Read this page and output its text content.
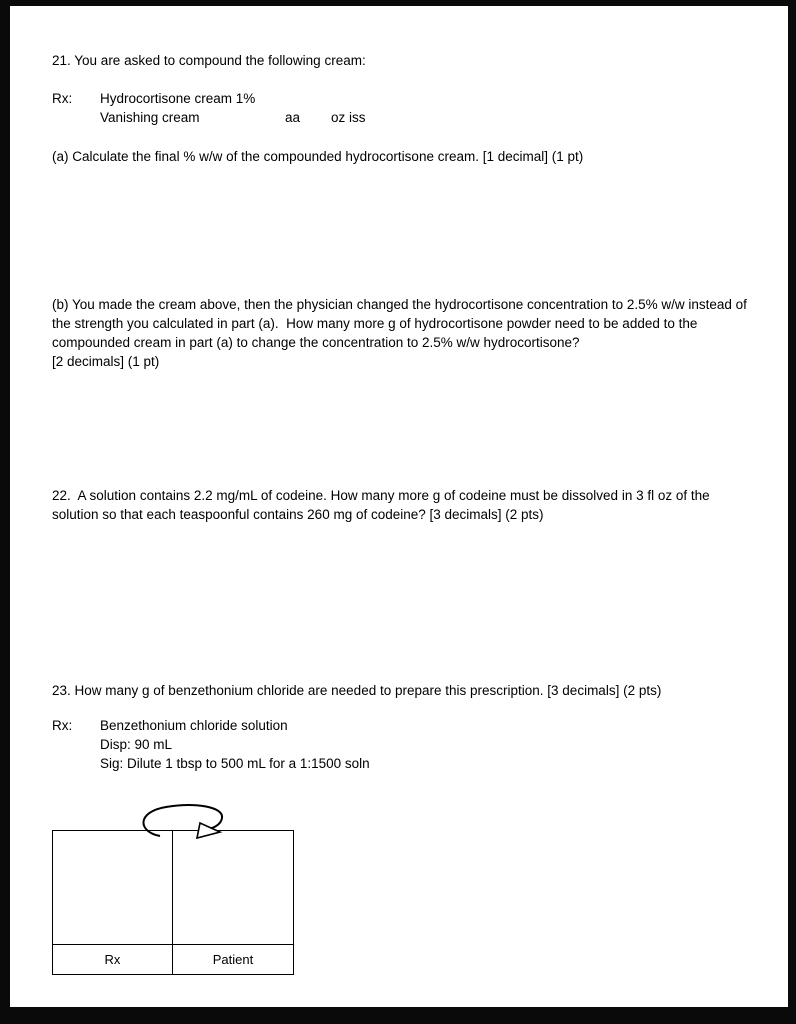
21. You are asked to compound the following cream:
Rx:	Hydrocortisone cream 1%
Vanishing cream	aa oz iss
(a) Calculate the final % w/w of the compounded hydrocortisone cream. [1 decimal] (1 pt)
(b) You made the cream above, then the physician changed the hydrocortisone concentration to 2.5% w/w instead of the strength you calculated in part (a).  How many more g of hydrocortisone powder need to be added to the compounded cream in part (a) to change the concentration to 2.5% w/w hydrocortisone?
[2 decimals] (1 pt)
22.  A solution contains 2.2 mg/mL of codeine. How many more g of codeine must be dissolved in 3 fl oz of the solution so that each teaspoonful contains 260 mg of codeine? [3 decimals] (2 pts)
23. How many g of benzethonium chloride are needed to prepare this prescription. [3 decimals] (2 pts)
Rx:	Benzethonium chloride solution
Disp: 90 mL
Sig: Dilute 1 tbsp to 500 mL for a 1:1500 soln
Rx	Patient
